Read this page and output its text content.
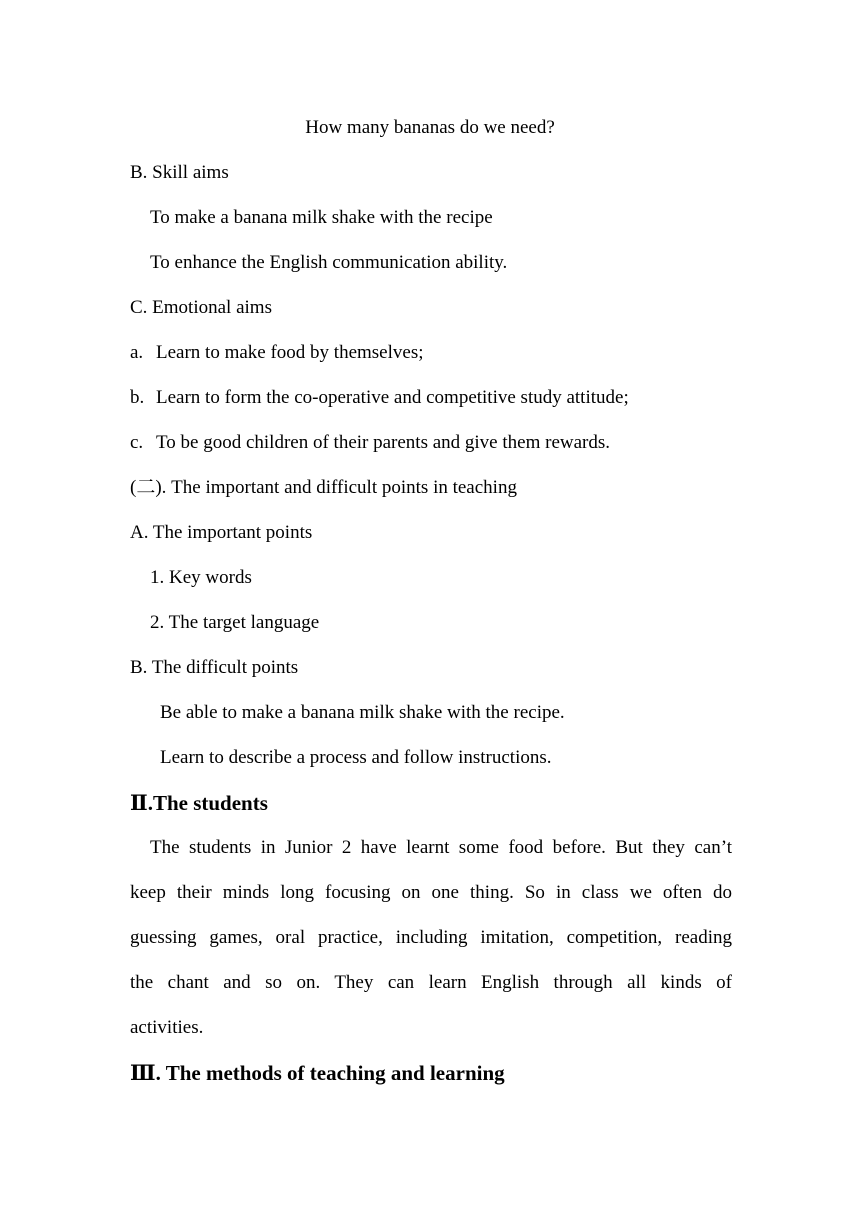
How many bananas do we need?
B. Skill aims
To make a banana milk shake with the recipe
To enhance the English communication ability.
C. Emotional aims
a. Learn to make food by themselves;
b. Learn to form the co-operative and competitive study attitude;
c. To be good children of their parents and give them rewards.
(二). The important and difficult points in teaching
A. The important points
1. Key words
2. The target language
B. The difficult points
Be able to make a banana milk shake with the recipe.
Learn to describe a process and follow instructions.
Ⅱ.The students
The students in Junior 2 have learnt some food before. But they can’t
keep their minds long focusing on one thing. So in class we often do
guessing games, oral practice, including imitation, competition, reading
the chant and so on. They can learn English through all kinds of
activities.
Ⅲ. The methods of teaching and learning
